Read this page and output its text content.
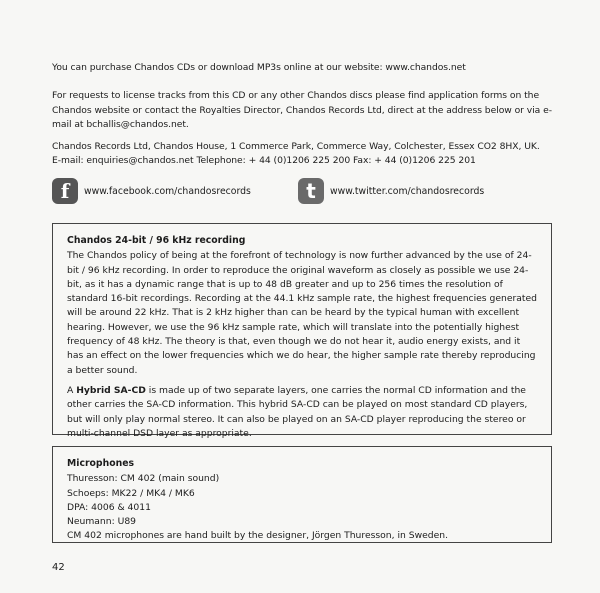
You can purchase Chandos CDs or download MP3s online at our website: www.chandos.net

For requests to license tracks from this CD or any other Chandos discs please find application forms on the Chandos website or contact the Royalties Director, Chandos Records Ltd, direct at the address below or via e-mail at bchallis@chandos.net.

Chandos Records Ltd, Chandos House, 1 Commerce Park, Commerce Way, Colchester, Essex CO2 8HX, UK.

E-mail: enquiries@chandos.net Telephone: + 44 (0)1206 225 200 Fax: + 44 (0)1206 225 201

f	www.facebook.com/chandosrecords	t	www.twitter.com/chandosrecords
Chandos 24-bit / 96 kHz recording

The Chandos policy of being at the forefront of technology is now further advanced by the use of 24-bit / 96 kHz recording. In order to reproduce the original waveform as closely as possible we use 24-bit, as it has a dynamic range that is up to 48 dB greater and up to 256 times the resolution of standard 16-bit recordings. Recording at the 44.1 kHz sample rate, the highest frequencies generated will be around 22 kHz. That is 2 kHz higher than can be heard by the typical human with excellent hearing. However, we use the 96 kHz sample rate, which will translate into the potentially highest frequency of 48 kHz. The theory is that, even though we do not hear it, audio energy exists, and it has an effect on the lower frequencies which we do hear, the higher sample rate thereby reproducing a better sound.

A Hybrid SA-CD is made up of two separate layers, one carries the normal CD information and the other carries the SA-CD information. This hybrid SA-CD can be played on most standard CD players, but will only play normal stereo. It can also be played on an SA-CD player reproducing the stereo or multi-channel DSD layer as appropriate.

Microphones

Thuresson: CM 402 (main sound)

Schoeps: MK22 / MK4 / MK6

DPA: 4006 & 4011

Neumann: U89

CM 402 microphones are hand built by the designer, Jörgen Thuresson, in Sweden.

42
